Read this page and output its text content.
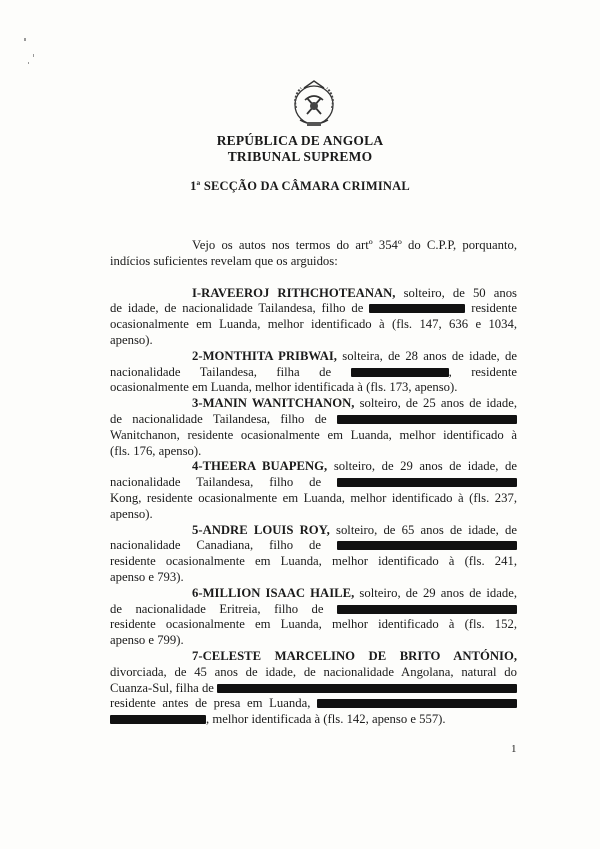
REPÚBLICA DE ANGOLA
TRIBUNAL SUPREMO
1ª SECÇÃO DA CÂMARA CRIMINAL

Vejo os autos nos termos do artº 354º do C.P.P, porquanto,
indícios suficientes revelam que os arguidos:

I-RAVEEROJ RITHCHOTEANAN, solteiro, de 50 anos
de idade, de nacionalidade Tailandesa, filho de	residente
ocasionalmente em Luanda, melhor identificado à (fls. 147, 636 e 1034,
apenso).

2-MONTHITA PRIBWAI, solteira, de 28 anos de idade, de
nacionalidade Tailandesa, filha de	, residente
ocasionalmente em Luanda, melhor identificada à (fls. 173, apenso).

3-MANIN WANITCHANON, solteiro, de 25 anos de idade,
de nacionalidade Tailandesa, filho de
Wanitchanon, residente ocasionalmente em Luanda, melhor identificado à
(fls. 176, apenso).

4-THEERA BUAPENG, solteiro, de 29 anos de idade, de
nacionalidade Tailandesa, filho de
Kong, residente ocasionalmente em Luanda, melhor identificado à (fls. 237,
apenso).

5-ANDRE LOUIS ROY, solteiro, de 65 anos de idade, de
nacionalidade Canadiana, filho de
residente ocasionalmente em Luanda, melhor identificado à (fls. 241,
apenso e 793).

6-MILLION ISAAC HAILE, solteiro, de 29 anos de idade,
de nacionalidade Eritreia, filho de
residente ocasionalmente em Luanda, melhor identificado à (fls. 152,
apenso e 799).

7-CELESTE MARCELINO DE BRITO ANTÓNIO,
divorciada, de 45 anos de idade, de nacionalidade Angolana, natural do
Cuanza-Sul, filha de
residente antes de presa em Luanda,
, melhor identificada à (fls. 142, apenso e 557).

1
